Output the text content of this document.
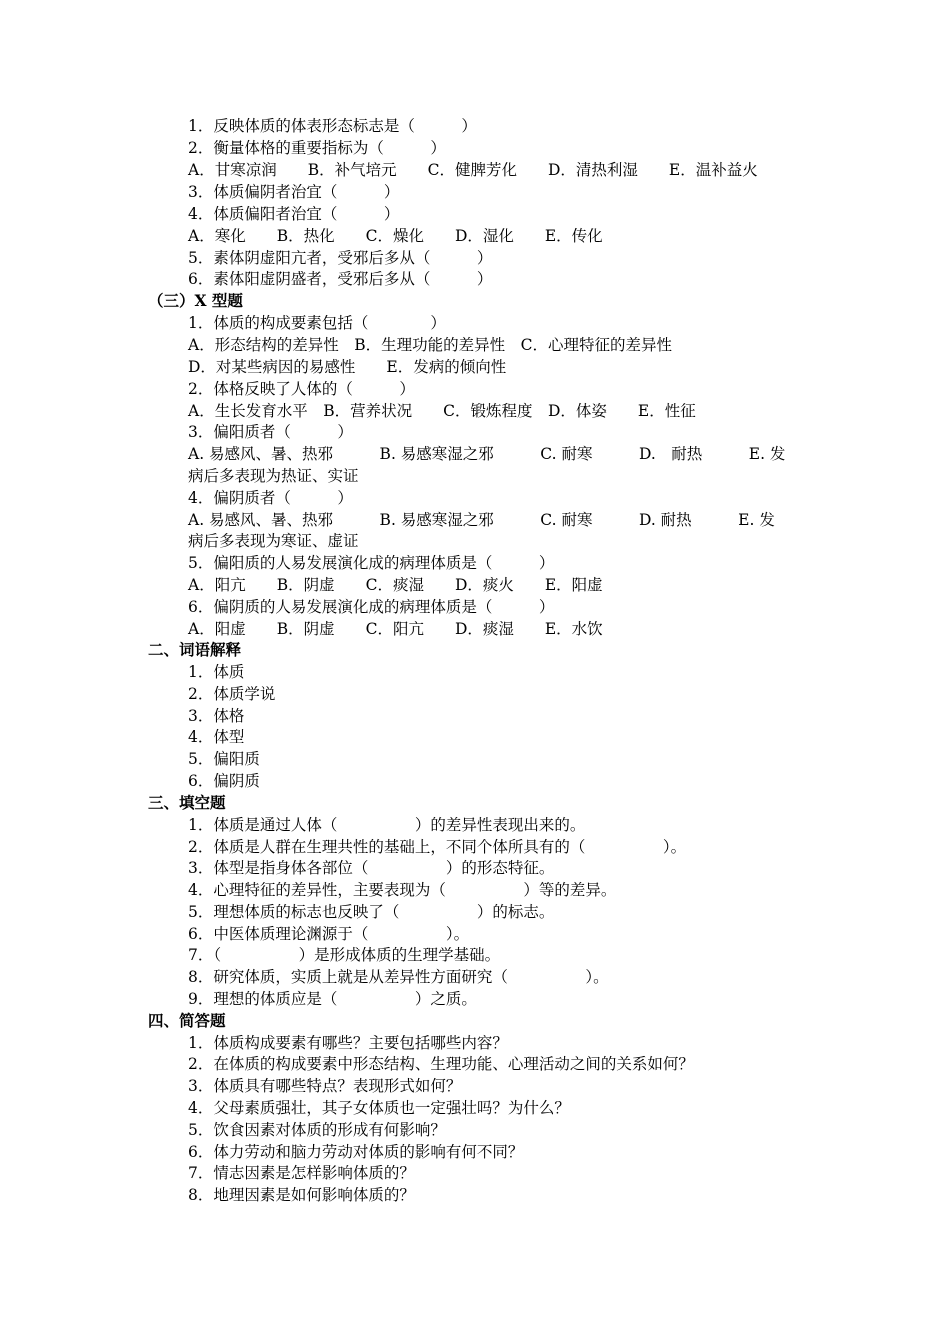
1．反映体质的体表形态标志是（　　　）
2．衡量体格的重要指标为（　　　）
A．甘寒凉润　　B．补气培元　　C．健脾芳化　　D．清热利湿　　E．温补益火
3．体质偏阴者治宜（　　　）
4．体质偏阳者治宜（　　　）
A．寒化　　B．热化　　C．燥化　　D．湿化　　E．传化
5．素体阴虚阳亢者，受邪后多从（　　　）
6．素体阳虚阴盛者，受邪后多从（　　　）
（三）X 型题
1．体质的构成要素包括（　　　　）
A．形态结构的差异性　B．生理功能的差异性　C．心理特征的差异性
D．对某些病因的易感性　　E．发病的倾向性
2．体格反映了人体的（　　　）
A．生长发育水平　B．营养状况　　C．锻炼程度　D．体姿　　E．性征
3．偏阳质者（　　　）
A. 易感风、暑、热邪　　　B. 易感寒湿之邪　　　C. 耐寒　　　D.　耐热　　　E. 发
病后多表现为热证、实证
4．偏阴质者（　　　）
A. 易感风、暑、热邪　　　B. 易感寒湿之邪　　　C. 耐寒　　　D. 耐热　　　E. 发
病后多表现为寒证、虚证
5．偏阳质的人易发展演化成的病理体质是（　　　）
A．阳亢　　B．阴虚　　C．痰湿　　D．痰火　　E．阳虚
6．偏阴质的人易发展演化成的病理体质是（　　　）
A．阳虚　　B．阴虚　　C．阳亢　　D．痰湿　　E．水饮
二、词语解释
1．体质
2．体质学说
3．体格
4．体型
5．偏阳质
6．偏阴质
三、填空题
1．体质是通过人体（　　　　　）的差异性表现出来的。
2．体质是人群在生理共性的基础上，不同个体所具有的（　　　　　）。
3．体型是指身体各部位（　　　　　）的形态特征。
4．心理特征的差异性，主要表现为（　　　　　）等的差异。
5．理想体质的标志也反映了（　　　　　）的标志。
6．中医体质理论渊源于（　　　　　）。
7．（　　　　　）是形成体质的生理学基础。
8．研究体质，实质上就是从差异性方面研究（　　　　　）。
9．理想的体质应是（　　　　　）之质。
四、简答题
1．体质构成要素有哪些？主要包括哪些内容？
2．在体质的构成要素中形态结构、生理功能、心理活动之间的关系如何？
3．体质具有哪些特点？表现形式如何？
4．父母素质强壮，其子女体质也一定强壮吗？为什么？
5．饮食因素对体质的形成有何影响？
6．体力劳动和脑力劳动对体质的影响有何不同？
7．情志因素是怎样影响体质的？
8．地理因素是如何影响体质的？
